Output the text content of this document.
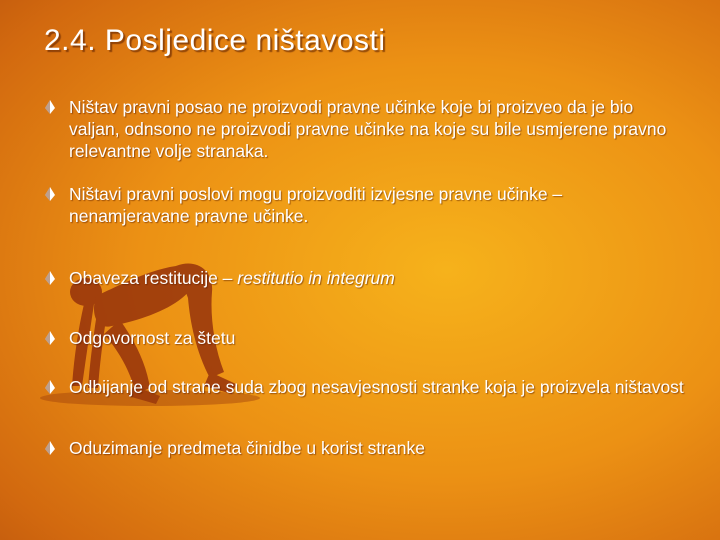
2.4. Posljedice ništavosti
Ništav pravni posao ne proizvodi pravne učinke koje bi proizveo da je bio valjan, odnsono ne proizvodi pravne učinke na koje su bile usmjerene pravno relevantne volje stranaka.
Ništavi pravni poslovi mogu proizvoditi izvjesne pravne učinke – nenamjeravane pravne učinke.
Obaveza restitucije – restitutio in integrum
Odgovornost za štetu
Odbijanje od strane suda zbog nesavjesnosti stranke koja je proizvela ništavost
Oduzimanje predmeta činidbe u korist stranke
